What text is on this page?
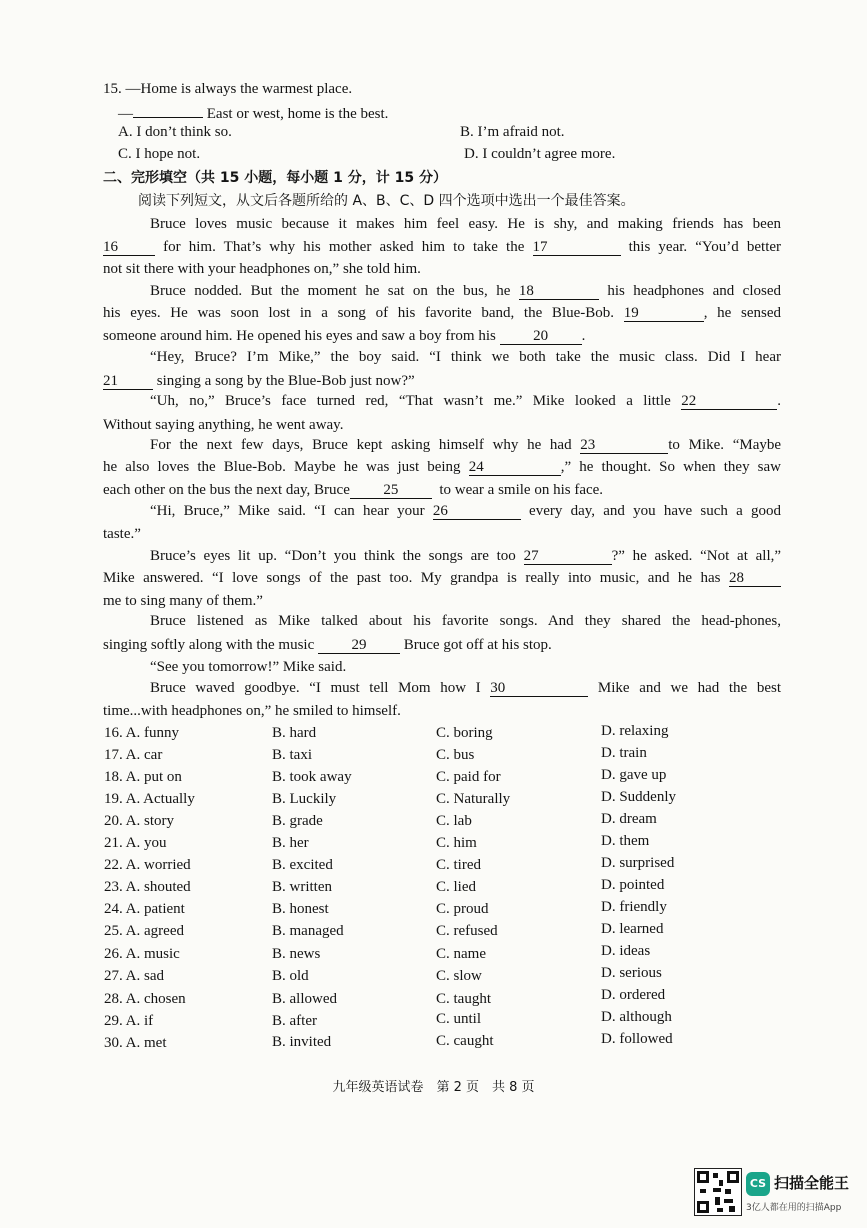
15. —Home is always the warmest place.
—	East or west, home is the best.
A. I don’t think so.	B. I’m afraid not.
C. I hope not.	D. I couldn’t agree more.
二、完形填空（共 15 小题，每小题 1 分，计 15 分）
阅读下列短文，从文后各题所给的 A、B、C、D 四个选项中选出一个最佳答案。
Bruce loves music because it makes him feel easy. He is shy, and making friends has been
16	for him. That’s why his mother asked him to take the 17	this year. “You’d better
not sit there with your headphones on,” she told him.
Bruce nodded. But the moment he sat on the bus, he 18	his headphones and closed
his eyes. He was soon lost in a song of his favorite band, the Blue-Bob. 19	, he sensed
someone around him. He opened his eyes and saw a boy from his 20 .
“Hey, Bruce? I’m Mike,” the boy said. “I think we both take the music class. Did I hear
21	singing a song by the Blue-Bob just now?”
“Uh, no,” Bruce’s face turned red, “That wasn’t me.” Mike looked a little 22	.
Without saying anything, he went away.
For the next few days, Bruce kept asking himself why he had 23	to Mike. “Maybe
he also loves the Blue-Bob. Maybe he was just being 24	,” he thought. So when they saw
each other on the bus the next day, Bruce 25	to wear a smile on his face.
“Hi, Bruce,” Mike said. “I can hear your 26	every day, and you have such a good
taste.”
Bruce’s eyes lit up. “Don’t you think the songs are too 27	?” he asked. “Not at all,”
Mike answered. “I love songs of the past too. My grandpa is really into music, and he has 28
me to sing many of them.”
Bruce listened as Mike talked about his favorite songs. And they shared the head-phones,
singing softly along with the music 29 Bruce got off at his stop.
“See you tomorrow!” Mike said.
Bruce waved goodbye. “I must tell Mom how I 30	Mike and we had the best
time...with headphones on,” he smiled to himself.
16. A. funny	B. hard	C. boring	D. relaxing
17. A. car	B. taxi	C. bus	D. train
18. A. put on	B. took away	C. paid for	D. gave up
19. A. Actually	B. Luckily	C. Naturally	D. Suddenly
20. A. story	B. grade	C. lab	D. dream
21. A. you	B. her	C. him	D. them
22. A. worried	B. excited	C. tired	D. surprised
23. A. shouted	B. written	C. lied	D. pointed
24. A. patient	B. honest	C. proud	D. friendly
25. A. agreed	B. managed	C. refused	D. learned
26. A. music	B. news	C. name	D. ideas
27. A. sad	B. old	C. slow	D. serious
28. A. chosen	B. allowed	C. taught	D. ordered
29. A. if	B. after	C. until	D. although
30. A. met	B. invited	C. caught	D. followed
九年级英语试卷　第 2 页　共 8 页
CS 扫描全能王
3亿人都在用的扫描App
